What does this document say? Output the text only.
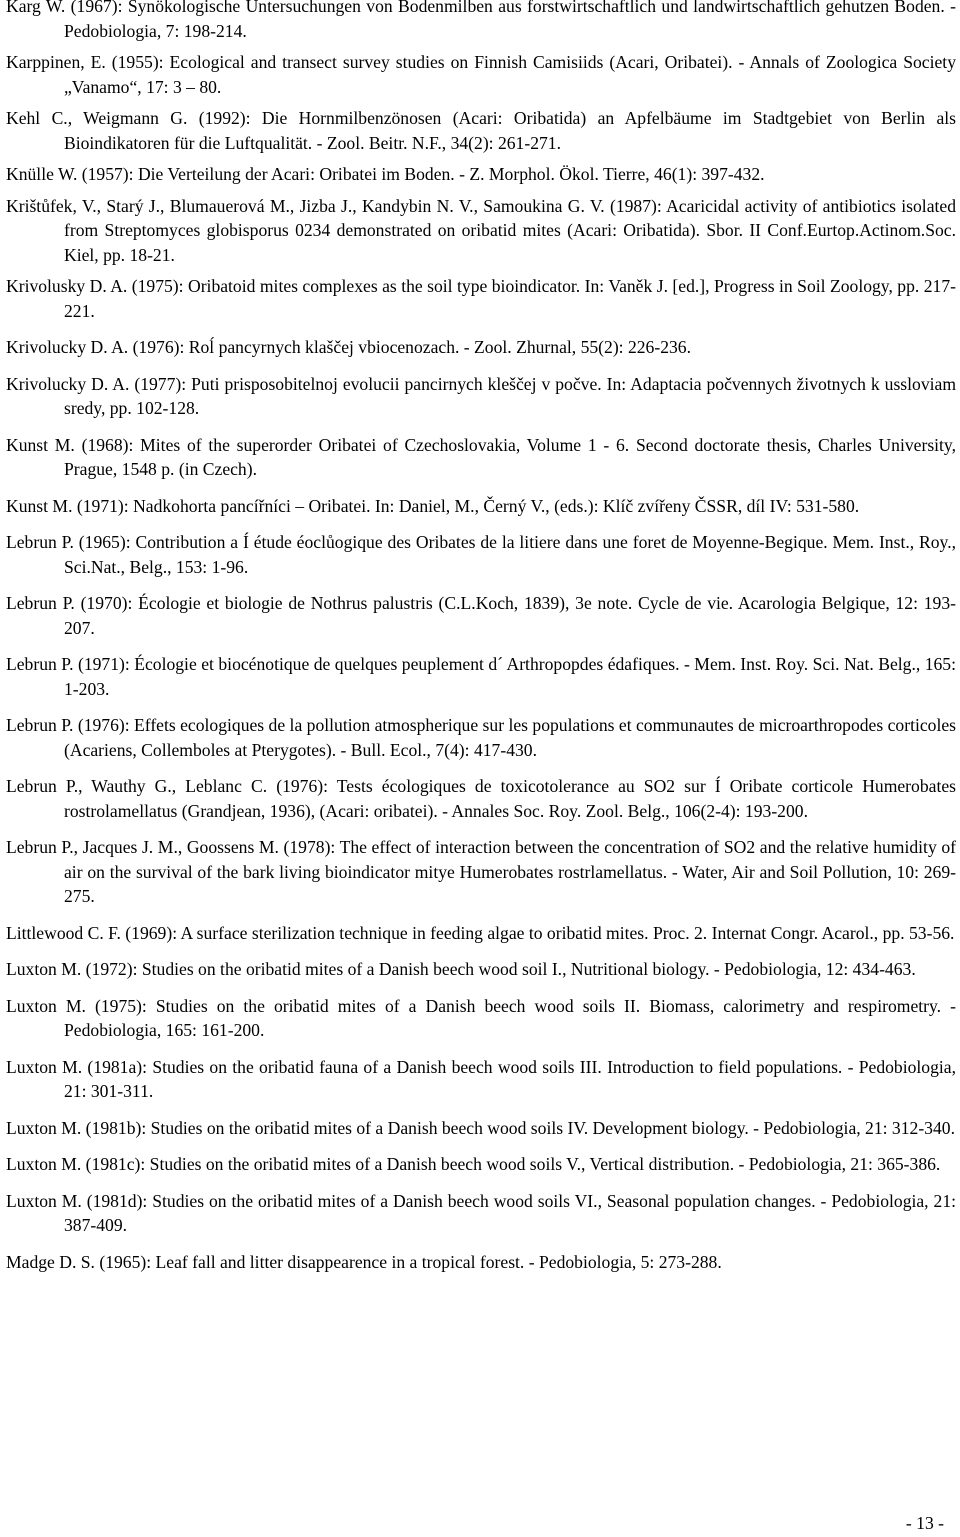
Karg W. (1967): Synökologische Untersuchungen von Bodenmilben aus forstwirtschaftlich und landwirtschaftlich gehutzen Boden. - Pedobiologia, 7: 198-214.

Karppinen, E. (1955): Ecological and transect survey studies on Finnish Camisiids (Acari, Oribatei). - Annals of Zoologica Society „Vanamo“, 17: 3 – 80.

Kehl C., Weigmann G. (1992): Die Hornmilbenzönosen (Acari: Oribatida) an Apfelbäume im Stadtgebiet von Berlin als Bioindikatoren für die Luftqualität. - Zool. Beitr. N.F., 34(2): 261-271.

Knülle W. (1957): Die Verteilung der Acari: Oribatei im Boden. - Z. Morphol. Ökol. Tierre, 46(1): 397-432.

Krištůfek, V., Starý J., Blumauerová M., Jizba J., Kandybin N. V., Samoukina G. V. (1987): Acaricidal activity of antibiotics isolated from Streptomyces globisporus 0234 demonstrated on oribatid mites (Acari: Oribatida). Sbor. II Conf.Eurtop.Actinom.Soc. Kiel, pp. 18-21.

Krivolusky D. A. (1975): Oribatoid mites complexes as the soil type bioindicator. In: Vaněk J. [ed.], Progress in Soil Zoology, pp. 217-221.

Krivolucky D. A. (1976): Roĺ pancyrnych klaščej vbiocenozach. - Zool. Zhurnal, 55(2): 226-236.

Krivolucky D. A. (1977): Puti prisposobitelnoj evolucii pancirnych kleščej v počve. In: Adaptacia počvennych životnych k ussloviam sredy, pp. 102-128.

Kunst M. (1968): Mites of the superorder Oribatei of Czechoslovakia, Volume 1 - 6. Second doctorate thesis, Charles University, Prague, 1548 p. (in Czech).

Kunst M. (1971): Nadkohorta pancířníci – Oribatei. In: Daniel, M., Černý V., (eds.): Klíč zvířeny ČSSR, díl IV: 531-580.

Lebrun P. (1965): Contribution a Í étude éoclůogique des Oribates de la litiere dans une foret de Moyenne-Begique. Mem. Inst., Roy., Sci.Nat., Belg., 153: 1-96.

Lebrun P. (1970): Écologie et biologie de Nothrus palustris (C.L.Koch, 1839), 3e note. Cycle de vie. Acarologia Belgique, 12: 193-207.

Lebrun P. (1971): Écologie et biocénotique de quelques peuplement d´ Arthropopdes édafiques. - Mem. Inst. Roy. Sci. Nat. Belg., 165: 1-203.

Lebrun P. (1976): Effets ecologiques de la pollution atmospherique sur les populations et communautes de microarthropodes corticoles (Acariens, Collemboles at Pterygotes). - Bull. Ecol., 7(4): 417-430.

Lebrun P., Wauthy G., Leblanc C. (1976): Tests écologiques de toxicotolerance au SO2 sur Í Oribate corticole Humerobates rostrolamellatus (Grandjean, 1936), (Acari: oribatei). - Annales Soc. Roy. Zool. Belg., 106(2-4): 193-200.

Lebrun P., Jacques J. M., Goossens M. (1978): The effect of interaction between the concentration of SO2 and the relative humidity of air on the survival of the bark living bioindicator mitye Humerobates rostrlamellatus. - Water, Air and Soil Pollution, 10: 269-275.

Littlewood C. F. (1969): A surface sterilization technique in feeding algae to oribatid mites. Proc. 2. Internat Congr. Acarol., pp. 53-56.

Luxton M. (1972): Studies on the oribatid mites of a Danish beech wood soil I., Nutritional biology. - Pedobiologia, 12: 434-463.

Luxton M. (1975): Studies on the oribatid mites of a Danish beech wood soils II. Biomass, calorimetry and respirometry. - Pedobiologia, 165: 161-200.

Luxton M. (1981a): Studies on the oribatid fauna of a Danish beech wood soils III. Introduction to field populations. - Pedobiologia, 21: 301-311.

Luxton M. (1981b): Studies on the oribatid mites of a Danish beech wood soils IV. Development biology. - Pedobiologia, 21: 312-340.

Luxton M. (1981c): Studies on the oribatid mites of a Danish beech wood soils V., Vertical distribution. - Pedobiologia, 21: 365-386.

Luxton M. (1981d): Studies on the oribatid mites of a Danish beech wood soils VI., Seasonal population changes. - Pedobiologia, 21: 387-409.

Madge D. S. (1965): Leaf fall and litter disappearence in a tropical forest. - Pedobiologia, 5: 273-288.

- 13 -
